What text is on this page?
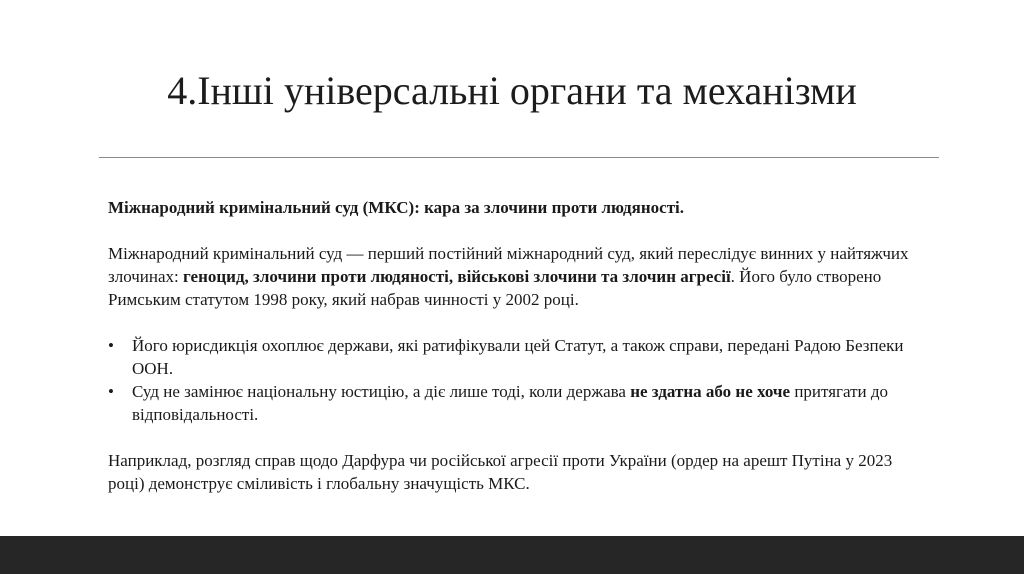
4.Інші універсальні органи та механізми

Міжнародний кримінальний суд (МКС): кара за злочини проти людяності.

Міжнародний кримінальний суд — перший постійний міжнародний суд, який переслідує винних у найтяжчих злочинах: геноцид, злочини проти людяності, військові злочини та злочин агресії. Його було створено Римським статутом 1998 року, який набрав чинності у 2002 році.

• Його юрисдикція охоплює держави, які ратифікували цей Статут, а також справи, передані Радою Безпеки ООН.
• Суд не замінює національну юстицію, а діє лише тоді, коли держава не здатна або не хоче притягати до відповідальності.

Наприклад, розгляд справ щодо Дарфура чи російської агресії проти України (ордер на арешт Путіна у 2023 році) демонструє сміливість і глобальну значущість МКС.
